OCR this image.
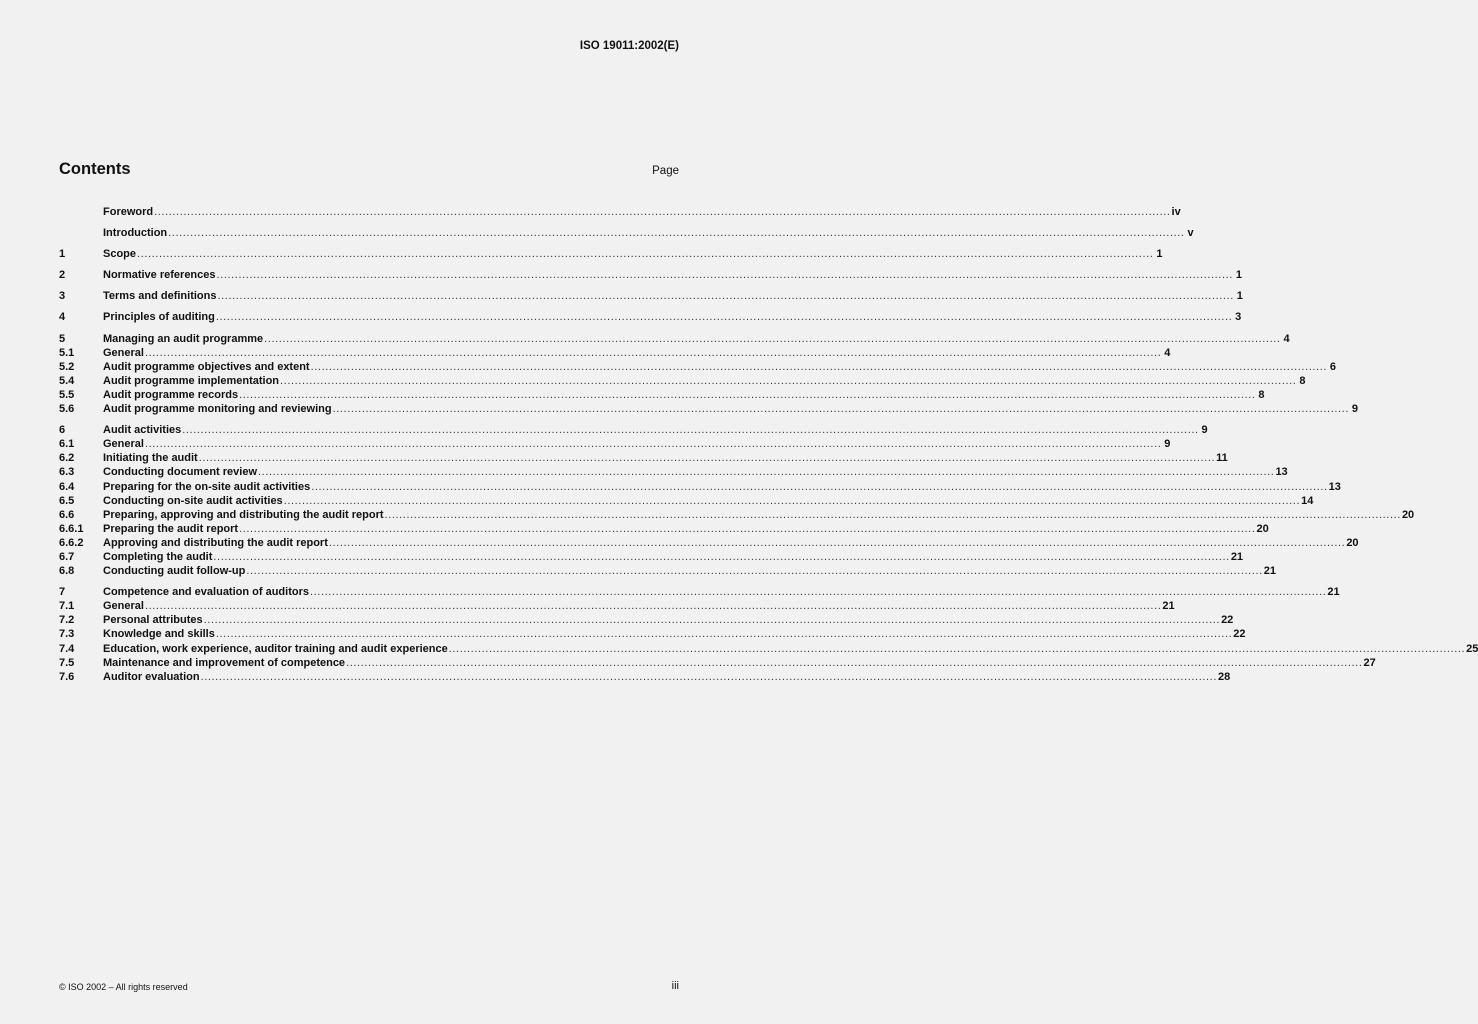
ISO 19011:2002(E)
Contents	Page
Foreword .....	iv
Introduction .....	v
1	Scope .....	1
2	Normative references .....	1
3	Terms and definitions .....	1
4	Principles of auditing .....	3
5	Managing an audit programme .....	4
5.1	General .....	4
5.2	Audit programme objectives and extent .....	6
5.4	Audit programme implementation .....	8
5.5	Audit programme records .....	8
5.6	Audit programme monitoring and reviewing .....	9
6	Audit activities .....	9
6.1	General .....	9
6.2	Initiating the audit .....	11
6.3	Conducting document review .....	13
6.4	Preparing for the on-site audit activities .....	13
6.5	Conducting on-site audit activities .....	14
6.6	Preparing, approving and distributing the audit report .....	20
6.6.1	Preparing the audit report .....	20
6.6.2	Approving and distributing the audit report .....	20
6.7	Completing the audit .....	21
6.8	Conducting audit follow-up .....	21
7	Competence and evaluation of auditors .....	21
7.1	General .....	21
7.2	Personal attributes .....	22
7.3	Knowledge and skills .....	22
7.4	Education, work experience, auditor training and audit experience .....	25
7.5	Maintenance and improvement of competence .....	27
7.6	Auditor evaluation .....	28
© ISO 2002 – All rights reserved	iii
